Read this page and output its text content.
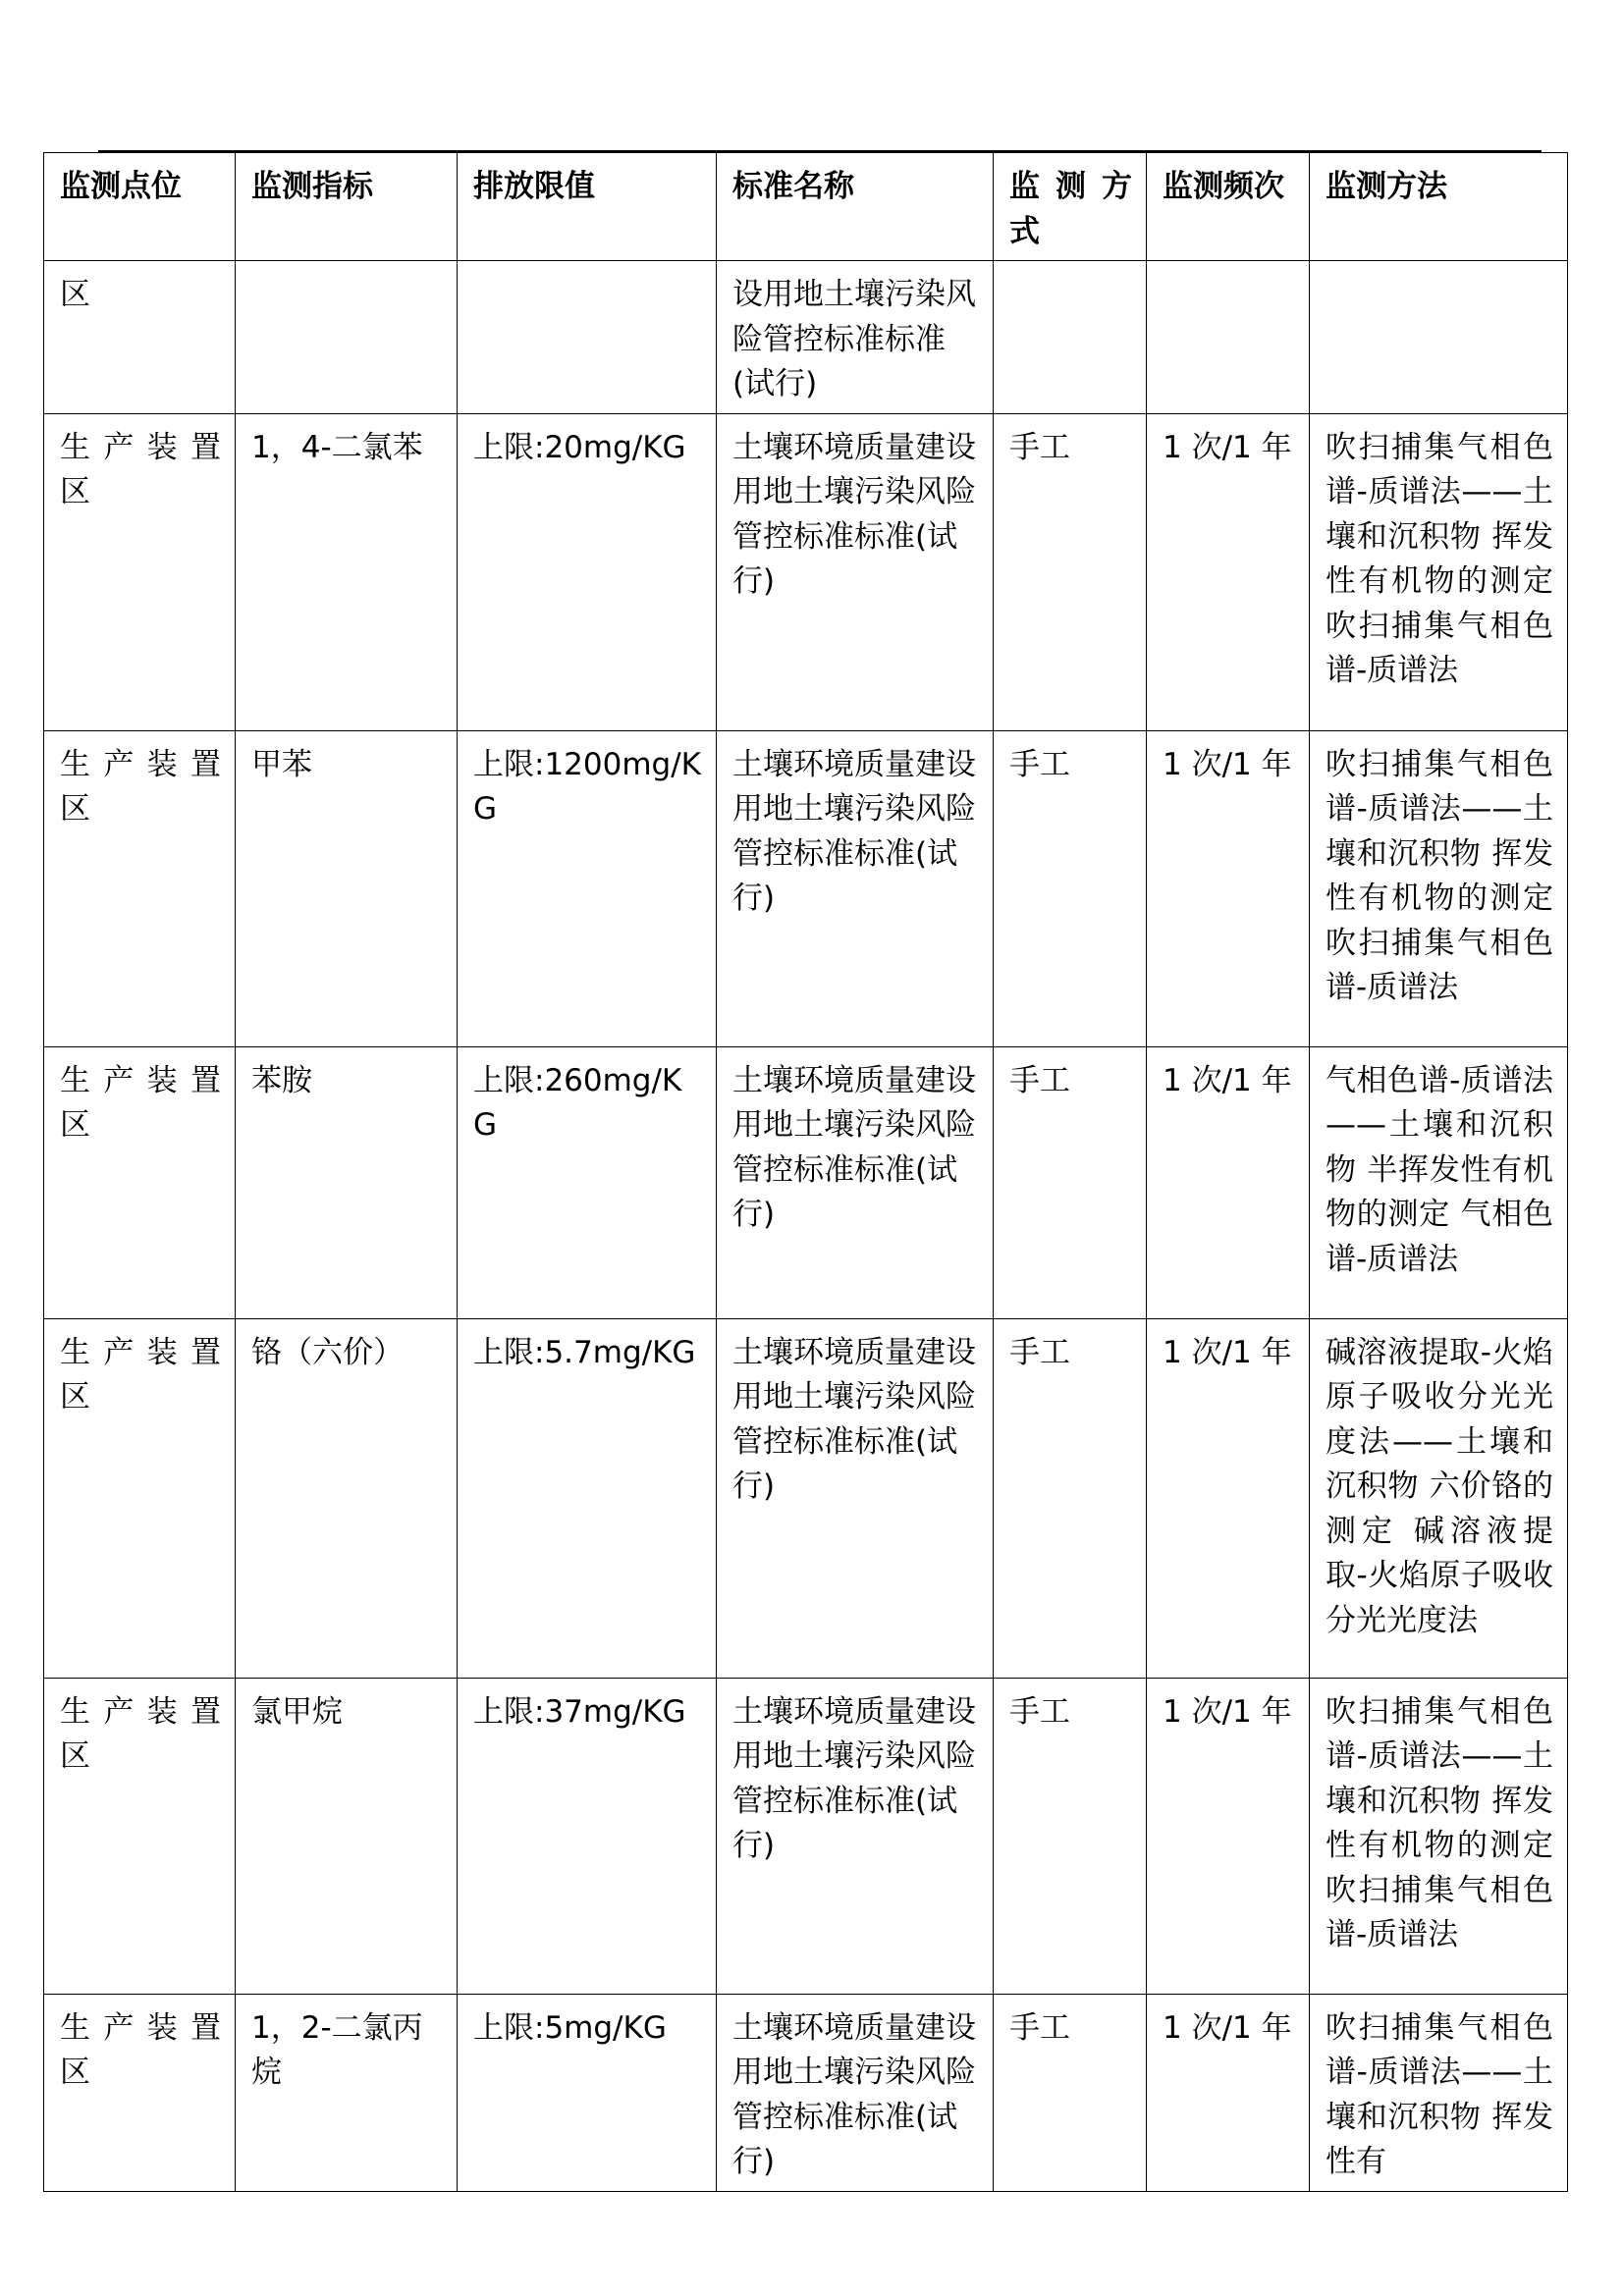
监测点位	监测指标	排放限值	标准名称	监 测 方 式	监测频次	监测方法
区			设用地土壤污染风险管控标准标准(试行)			
生 产 装 置 区	1，4-二氯苯	上限:20mg/KG	土壤环境质量建设用地土壤污染风险管控标准标准(试行)	手工	1 次/1 年	吹扫捕集气相色谱-质谱法——土壤和沉积物 挥发性有机物的测定 吹扫捕集气相色谱-质谱法
生 产 装 置 区	甲苯	上限:1200mg/KG	土壤环境质量建设用地土壤污染风险管控标准标准(试行)	手工	1 次/1 年	吹扫捕集气相色谱-质谱法——土壤和沉积物 挥发性有机物的测定 吹扫捕集气相色谱-质谱法
生 产 装 置 区	苯胺	上限:260mg/KG	土壤环境质量建设用地土壤污染风险管控标准标准(试行)	手工	1 次/1 年	气相色谱-质谱法——土壤和沉积物 半挥发性有机物的测定 气相色谱-质谱法
生 产 装 置 区	铬（六价）	上限:5.7mg/KG	土壤环境质量建设用地土壤污染风险管控标准标准(试行)	手工	1 次/1 年	碱溶液提取-火焰原子吸收分光光度法——土壤和沉积物 六价铬的测定 碱溶液提取-火焰原子吸收分光光度法
生 产 装 置 区	氯甲烷	上限:37mg/KG	土壤环境质量建设用地土壤污染风险管控标准标准(试行)	手工	1 次/1 年	吹扫捕集气相色谱-质谱法——土壤和沉积物 挥发性有机物的测定 吹扫捕集气相色谱-质谱法
生 产 装 置 区	1，2-二氯丙烷	上限:5mg/KG	土壤环境质量建设用地土壤污染风险管控标准标准(试行)	手工	1 次/1 年	吹扫捕集气相色谱-质谱法——土壤和沉积物 挥发性有
